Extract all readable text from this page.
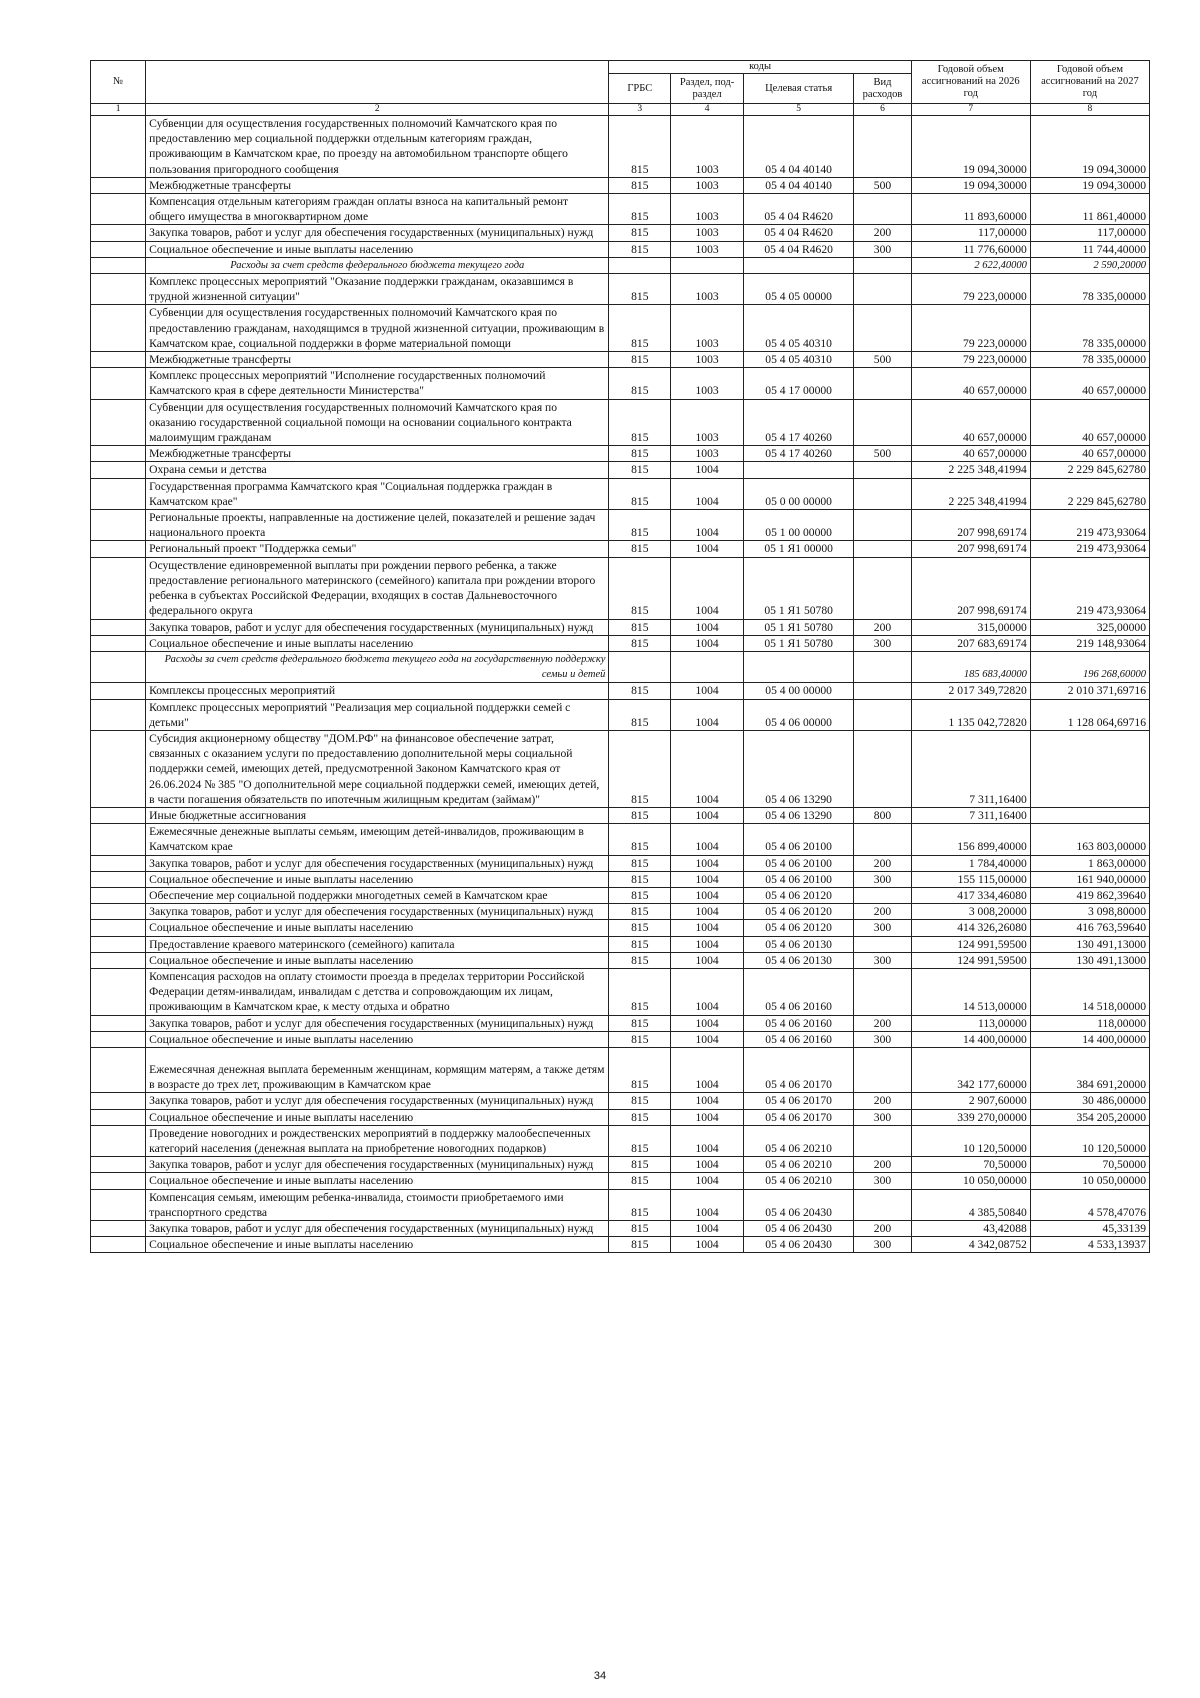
№		коды				Годовой объем ассигнований на 2026 год	Годовой объем ассигнований на 2027 год
		ГРБС	Раздел, под-раздел	Целевая статья	Вид расходов		
1	2	3	4	5	6	7	8
	Субвенции для осуществления государственных полномочий Камчатского края по предоставлению мер социальной поддержки отдельным категориям граждан, проживающим в Камчатском крае, по проезду на автомобильном транспорте общего пользования пригородного сообщения	815	1003	05 4 04 40140		19 094,30000	19 094,30000
	Межбюджетные трансферты	815	1003	05 4 04 40140	500	19 094,30000	19 094,30000
	Компенсация отдельным категориям граждан оплаты взноса на капитальный ремонт общего имущества в многоквартирном доме	815	1003	05 4 04 R4620		11 893,60000	11 861,40000
	Закупка товаров, работ и услуг для обеспечения государственных (муниципальных) нужд	815	1003	05 4 04 R4620	200	117,00000	117,00000
	Социальное обеспечение и иные выплаты населению	815	1003	05 4 04 R4620	300	11 776,60000	11 744,40000
	Расходы за счет средств федерального бюджета текущего года					2 622,40000	2 590,20000
	Комплекс процессных мероприятий "Оказание поддержки гражданам, оказавшимся в трудной жизненной ситуации"	815	1003	05 4 05 00000		79 223,00000	78 335,00000
	Субвенции для осуществления государственных полномочий Камчатского края по предоставлению гражданам, находящимся в трудной жизненной ситуации, проживающим в Камчатском крае, социальной поддержки в форме материальной помощи	815	1003	05 4 05 40310		79 223,00000	78 335,00000
	Межбюджетные трансферты	815	1003	05 4 05 40310	500	79 223,00000	78 335,00000
	Комплекс процессных мероприятий "Исполнение государственных полномочий Камчатского края в сфере деятельности Министерства"	815	1003	05 4 17 00000		40 657,00000	40 657,00000
	Субвенции для осуществления государственных полномочий Камчатского края по оказанию государственной социальной помощи на основании социального контракта малоимущим гражданам	815	1003	05 4 17 40260		40 657,00000	40 657,00000
	Межбюджетные трансферты	815	1003	05 4 17 40260	500	40 657,00000	40 657,00000
	Охрана семьи и детства	815	1004			2 225 348,41994	2 229 845,62780
	Государственная программа Камчатского края "Социальная поддержка граждан в Камчатском крае"	815	1004	05 0 00 00000		2 225 348,41994	2 229 845,62780
	Региональные проекты, направленные на достижение целей, показателей и решение задач национального проекта	815	1004	05 1 00 00000		207 998,69174	219 473,93064
	Региональный проект "Поддержка семьи"	815	1004	05 1 Я1 00000		207 998,69174	219 473,93064
	Осуществление единовременной выплаты при рождении первого ребенка, а также предоставление регионального материнского (семейного) капитала при рождении второго ребенка в субъектах Российской Федерации, входящих в состав Дальневосточного федерального округа	815	1004	05 1 Я1 50780		207 998,69174	219 473,93064
	Закупка товаров, работ и услуг для обеспечения государственных (муниципальных) нужд	815	1004	05 1 Я1 50780	200	315,00000	325,00000
	Социальное обеспечение и иные выплаты населению	815	1004	05 1 Я1 50780	300	207 683,69174	219 148,93064
	Расходы за счет средств федерального бюджета текущего года на государственную поддержку семьи и детей					185 683,40000	196 268,60000
	Комплексы процессных мероприятий	815	1004	05 4 00 00000		2 017 349,72820	2 010 371,69716
	Комплекс процессных мероприятий "Реализация мер социальной поддержки семей с детьми"	815	1004	05 4 06 00000		1 135 042,72820	1 128 064,69716
	Субсидия акционерному обществу "ДОМ.РФ" на финансовое обеспечение затрат, связанных с оказанием услуги по предоставлению дополнительной меры социальной поддержки семей, имеющих детей, предусмотренной Законом Камчатского края от 26.06.2024 № 385 "О дополнительной мере социальной поддержки семей, имеющих детей, в части погашения обязательств по ипотечным жилищным кредитам (займам)"	815	1004	05 4 06 13290		7 311,16400	
	Иные бюджетные ассигнования	815	1004	05 4 06 13290	800	7 311,16400	
	Ежемесячные денежные выплаты семьям, имеющим детей-инвалидов, проживающим в Камчатском крае	815	1004	05 4 06 20100		156 899,40000	163 803,00000
	Закупка товаров, работ и услуг для обеспечения государственных (муниципальных) нужд	815	1004	05 4 06 20100	200	1 784,40000	1 863,00000
	Социальное обеспечение и иные выплаты населению	815	1004	05 4 06 20100	300	155 115,00000	161 940,00000
	Обеспечение мер социальной поддержки многодетных семей в Камчатском крае	815	1004	05 4 06 20120		417 334,46080	419 862,39640
	Закупка товаров, работ и услуг для обеспечения государственных (муниципальных) нужд	815	1004	05 4 06 20120	200	3 008,20000	3 098,80000
	Социальное обеспечение и иные выплаты населению	815	1004	05 4 06 20120	300	414 326,26080	416 763,59640
	Предоставление краевого материнского (семейного) капитала	815	1004	05 4 06 20130		124 991,59500	130 491,13000
	Социальное обеспечение и иные выплаты населению	815	1004	05 4 06 20130	300	124 991,59500	130 491,13000
	Компенсация расходов на оплату стоимости проезда в пределах территории Российской Федерации детям-инвалидам, инвалидам с детства и сопровождающим их лицам, проживающим в Камчатском крае, к месту отдыха и обратно	815	1004	05 4 06 20160		14 513,00000	14 518,00000
	Закупка товаров, работ и услуг для обеспечения государственных (муниципальных) нужд	815	1004	05 4 06 20160	200	113,00000	118,00000
	Социальное обеспечение и иные выплаты населению	815	1004	05 4 06 20160	300	14 400,00000	14 400,00000
	Ежемесячная денежная выплата беременным женщинам, кормящим матерям, а также детям в возрасте до трех лет, проживающим в Камчатском крае	815	1004	05 4 06 20170		342 177,60000	384 691,20000
	Закупка товаров, работ и услуг для обеспечения государственных (муниципальных) нужд	815	1004	05 4 06 20170	200	2 907,60000	30 486,00000
	Социальное обеспечение и иные выплаты населению	815	1004	05 4 06 20170	300	339 270,00000	354 205,20000
	Проведение новогодних и рождественских мероприятий в поддержку малообеспеченных категорий населения (денежная выплата на приобретение новогодних подарков)	815	1004	05 4 06 20210		10 120,50000	10 120,50000
	Закупка товаров, работ и услуг для обеспечения государственных (муниципальных) нужд	815	1004	05 4 06 20210	200	70,50000	70,50000
	Социальное обеспечение и иные выплаты населению	815	1004	05 4 06 20210	300	10 050,00000	10 050,00000
	Компенсация семьям, имеющим ребенка-инвалида, стоимости приобретаемого ими транспортного средства	815	1004	05 4 06 20430		4 385,50840	4 578,47076
	Закупка товаров, работ и услуг для обеспечения государственных (муниципальных) нужд	815	1004	05 4 06 20430	200	43,42088	45,33139
	Социальное обеспечение и иные выплаты населению	815	1004	05 4 06 20430	300	4 342,08752	4 533,13937
34
